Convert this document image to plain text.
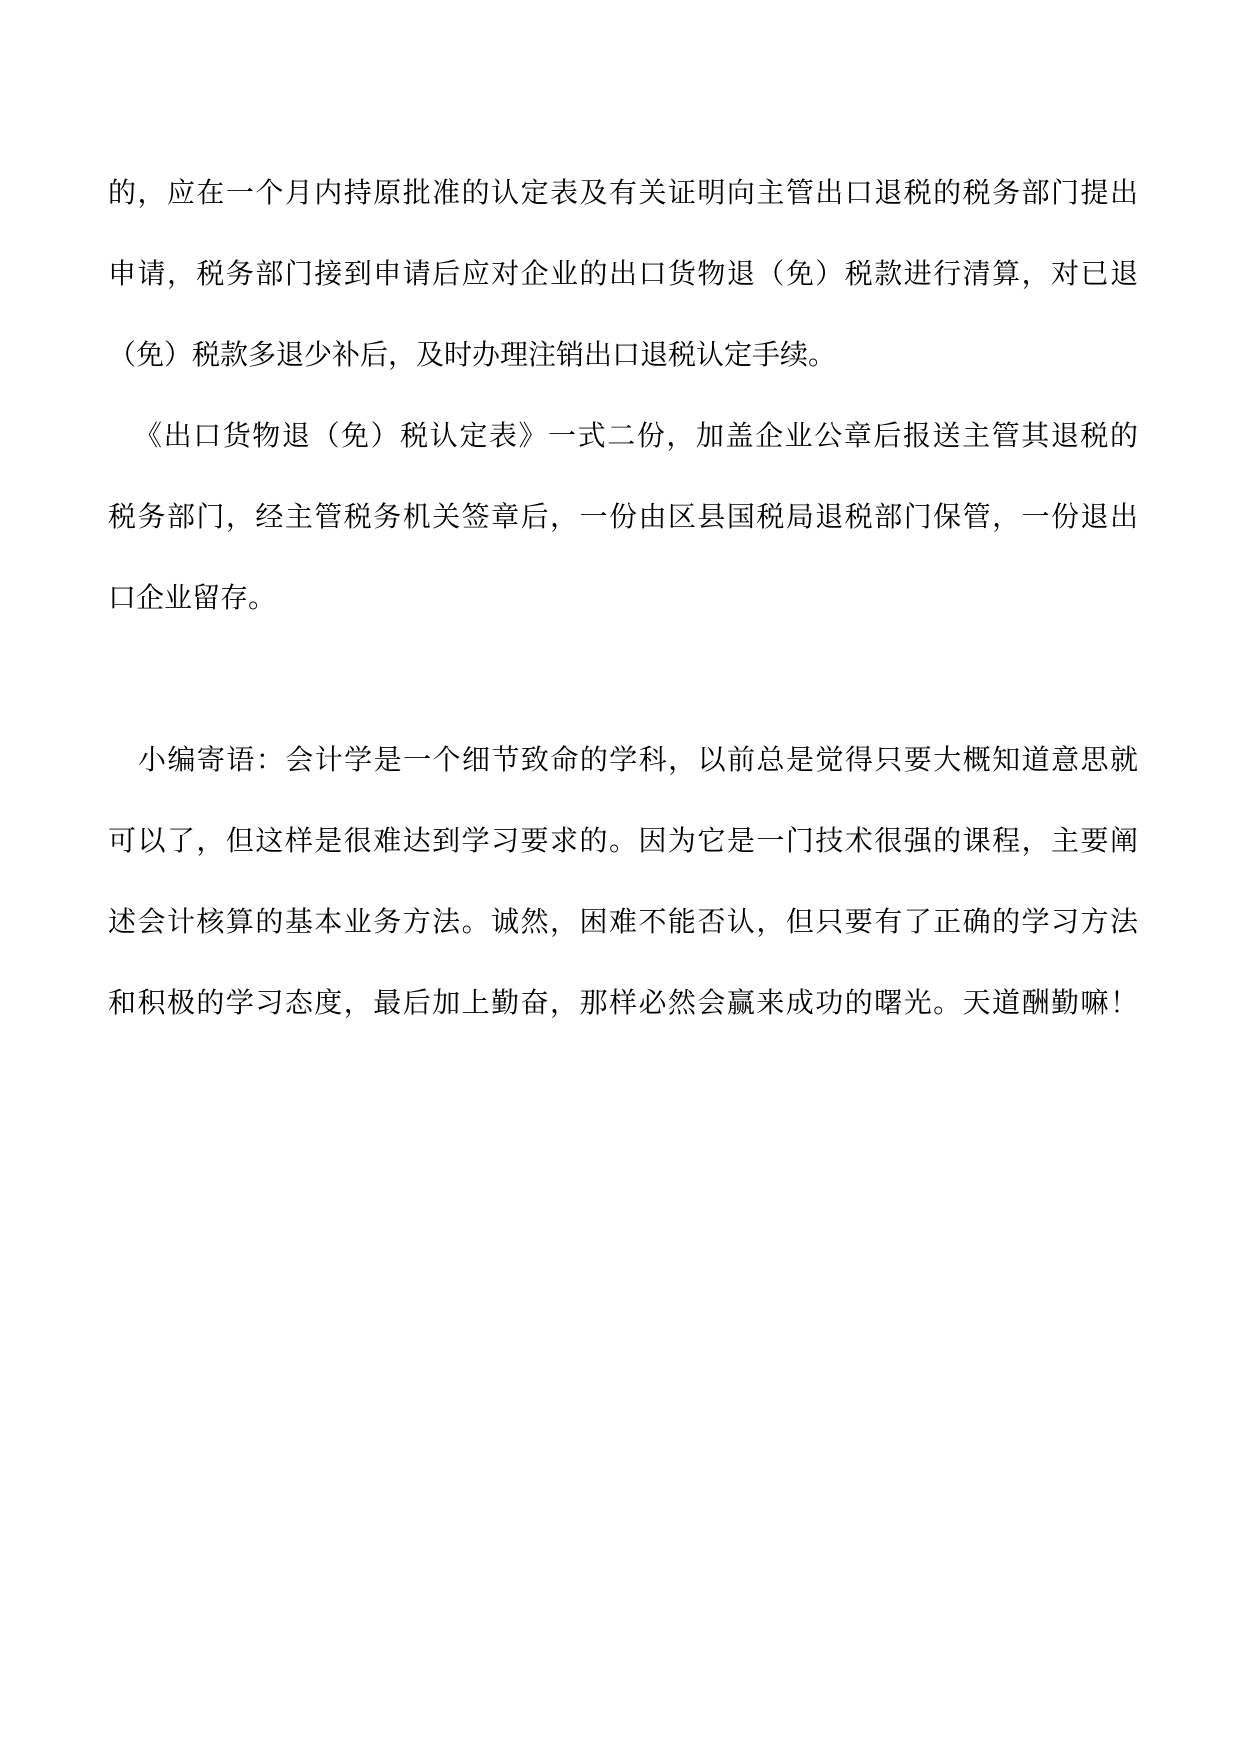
的，应在一个月内持原批准的认定表及有关证明向主管出口退税的税务部门提出
申请，税务部门接到申请后应对企业的出口货物退（免）税款进行清算，对已退
（免）税款多退少补后，及时办理注销出口退税认定手续。
《出口货物退（免）税认定表》一式二份，加盖企业公章后报送主管其退税的
税务部门，经主管税务机关签章后，一份由区县国税局退税部门保管，一份退出
口企业留存。
小编寄语：会计学是一个细节致命的学科，以前总是觉得只要大概知道意思就
可以了，但这样是很难达到学习要求的。因为它是一门技术很强的课程，主要阐
述会计核算的基本业务方法。诚然，困难不能否认，但只要有了正确的学习方法
和积极的学习态度，最后加上勤奋，那样必然会赢来成功的曙光。天道酬勤嘛！
